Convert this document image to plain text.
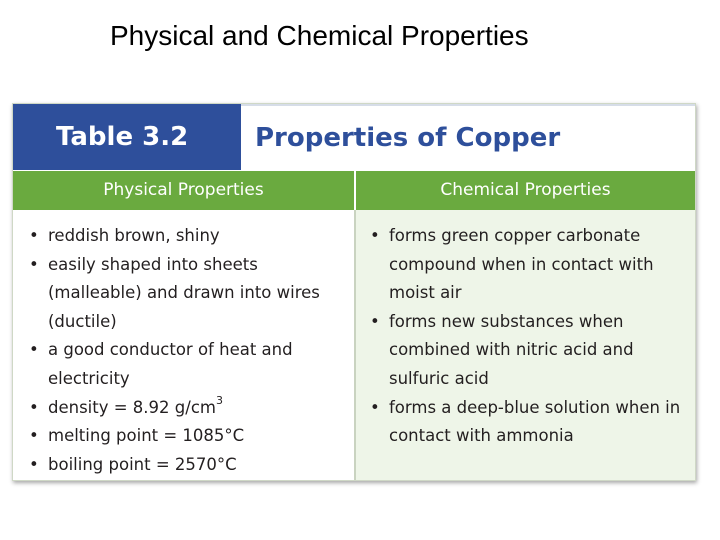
Physical and Chemical Properties
Table 3.2	Properties of Copper
Physical Properties	Chemical Properties
• reddish brown, shiny
• easily shaped into sheets (malleable) and drawn into wires (ductile)
• a good conductor of heat and electricity
• density = 8.92 $g/cm^3$
• melting point = 1085°C
• boiling point = 2570°C
• forms green copper carbonate compound when in contact with moist air
• forms new substances when combined with nitric acid and sulfuric acid
• forms a deep-blue solution when in contact with ammonia
